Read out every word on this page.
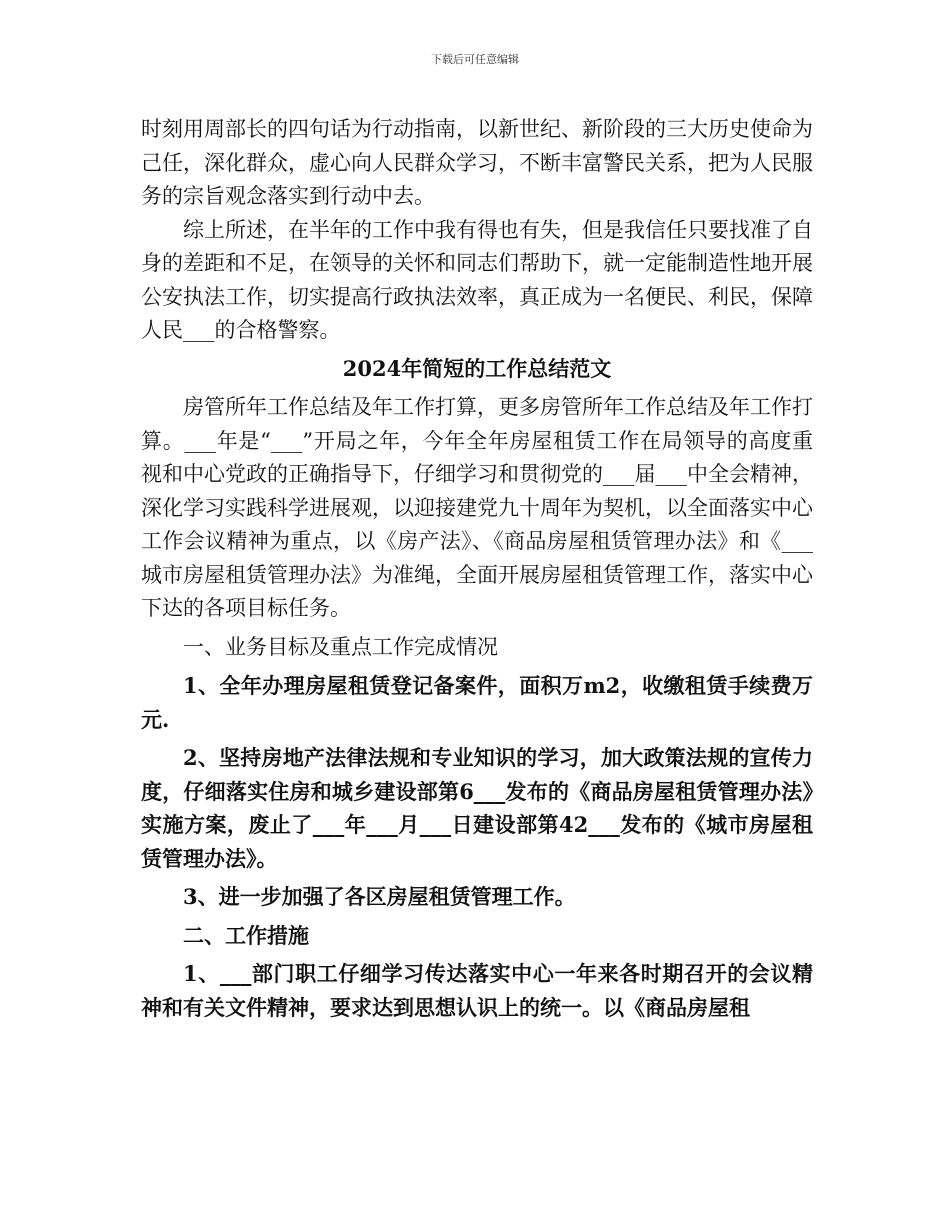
下载后可任意编辑

时刻用周部长的四句话为行动指南，以新世纪、新阶段的三大历史使命为己任，深化群众，虚心向人民群众学习，不断丰富警民关系，把为人民服务的宗旨观念落实到行动中去。

综上所述，在半年的工作中我有得也有失，但是我信任只要找准了自身的差距和不足，在领导的关怀和同志们帮助下，就一定能制造性地开展公安执法工作，切实提高行政执法效率，真正成为一名便民、利民，保障人民___的合格警察。

2024年简短的工作总结范文

房管所年工作总结及年工作打算，更多房管所年工作总结及年工作打算。___年是“___”开局之年，今年全年房屋租赁工作在局领导的高度重视和中心党政的正确指导下，仔细学习和贯彻党的___届___中全会精神，深化学习实践科学进展观，以迎接建党九十周年为契机，以全面落实中心工作会议精神为重点，以《房产法》、《商品房屋租赁管理办法》和《___城市房屋租赁管理办法》为准绳，全面开展房屋租赁管理工作，落实中心下达的各项目标任务。

一、业务目标及重点工作完成情况

1、全年办理房屋租赁登记备案件，面积万m2，收缴租赁手续费万元.

2、坚持房地产法律法规和专业知识的学习，加大政策法规的宣传力度，仔细落实住房和城乡建设部第6___发布的《商品房屋租赁管理办法》实施方案，废止了___年___月___日建设部第42___发布的《城市房屋租赁管理办法》。

3、进一步加强了各区房屋租赁管理工作。

二、工作措施

1、___部门职工仔细学习传达落实中心一年来各时期召开的会议精神和有关文件精神，要求达到思想认识上的统一。以《商品房屋租
